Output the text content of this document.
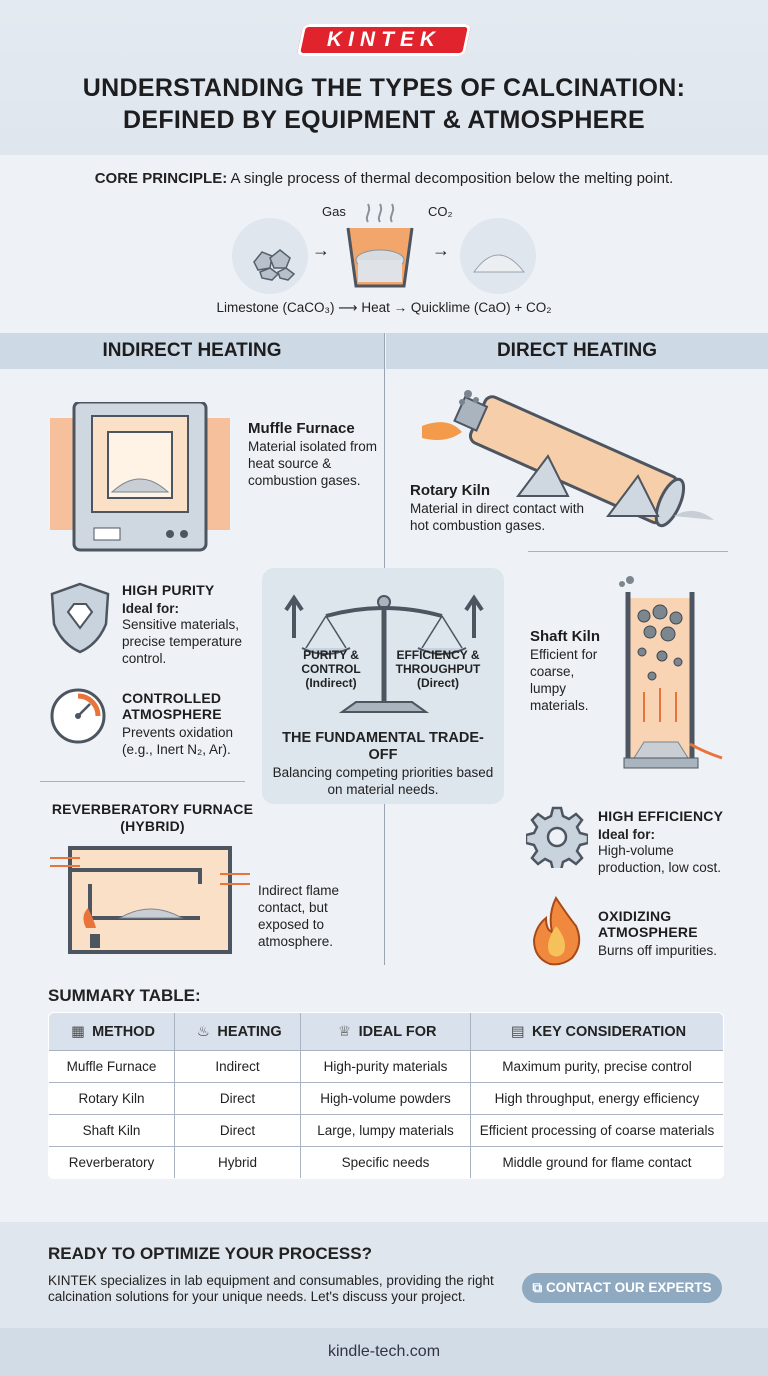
KINTEK
UNDERSTANDING THE TYPES OF CALCINATION:
DEFINED BY EQUIPMENT & ATMOSPHERE
CORE PRINCIPLE: A single process of thermal decomposition below the melting point.
→
Gas	CO₂
→
Limestone (CaCO₃) ⟶ Heat → Quicklime (CaO) + CO₂
INDIRECT HEATING	DIRECT HEATING
Muffle Furnace
Material isolated from heat source & combustion gases.
HIGH PURITY
Ideal for:
Sensitive materials, precise temperature control.
CONTROLLED ATMOSPHERE
Prevents oxidation (e.g., Inert N₂, Ar).
REVERBERATORY FURNACE (HYBRID)
Indirect flame contact, but exposed to atmosphere.
Rotary Kiln
Material in direct contact with hot combustion gases.
Shaft Kiln
Efficient for coarse, lumpy materials.
HIGH EFFICIENCY
Ideal for:
High-volume production, low cost.
OXIDIZING ATMOSPHERE
Burns off impurities.
PURITY & CONTROL (Indirect)
EFFICIENCY & THROUGHPUT (Direct)
THE FUNDAMENTAL TRADE-OFF
Balancing competing priorities based on material needs.
SUMMARY TABLE:
▦ METHOD	♨ HEATING	♕ IDEAL FOR	▤ KEY CONSIDERATION
Muffle Furnace	Indirect	High-purity materials	Maximum purity, precise control
Rotary Kiln	Direct	High-volume powders	High throughput, energy efficiency
Shaft Kiln	Direct	Large, lumpy materials	Efficient processing of coarse materials
Reverberatory	Hybrid	Specific needs	Middle ground for flame contact
READY TO OPTIMIZE YOUR PROCESS?
KINTEK specializes in lab equipment and consumables, providing the right calcination solutions for your unique needs. Let's discuss your project.
⧉ CONTACT OUR EXPERTS
kindle-tech.com
